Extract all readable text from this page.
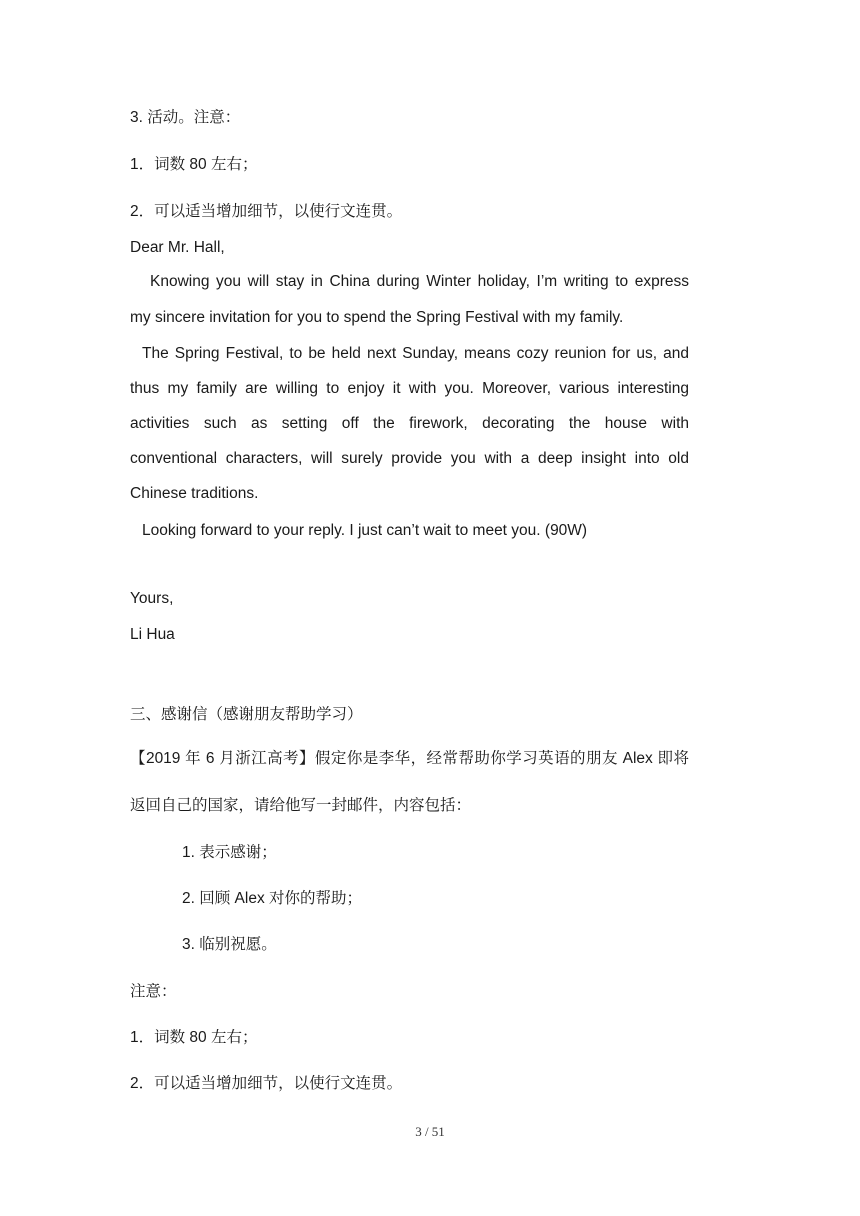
3. 活动。注意：
1．词数 80 左右；
2．可以适当增加细节，以使行文连贯。
Dear Mr. Hall,
Knowing you will stay in China during Winter holiday, I’m writing to express
my sincere invitation for you to spend the Spring Festival with my family.
The Spring Festival, to be held next Sunday, means cozy reunion for us, and
thus my family are willing to enjoy it with you. Moreover, various interesting
activities such as setting off the firework, decorating the house with
conventional characters, will surely provide you with a deep insight into old
Chinese traditions.
Looking forward to your reply. I just can’t wait to meet you. (90W)
Yours,
Li Hua
三、感谢信（感谢朋友帮助学习）
【2019 年 6 月浙江高考】假定你是李华，经常帮助你学习英语的朋友 Alex 即将
返回自己的国家，请给他写一封邮件，内容包括：
1. 表示感谢；
2. 回顾 Alex 对你的帮助；
3. 临别祝愿。
注意：
1．词数 80 左右；
2．可以适当增加细节，以使行文连贯。
3 / 51
